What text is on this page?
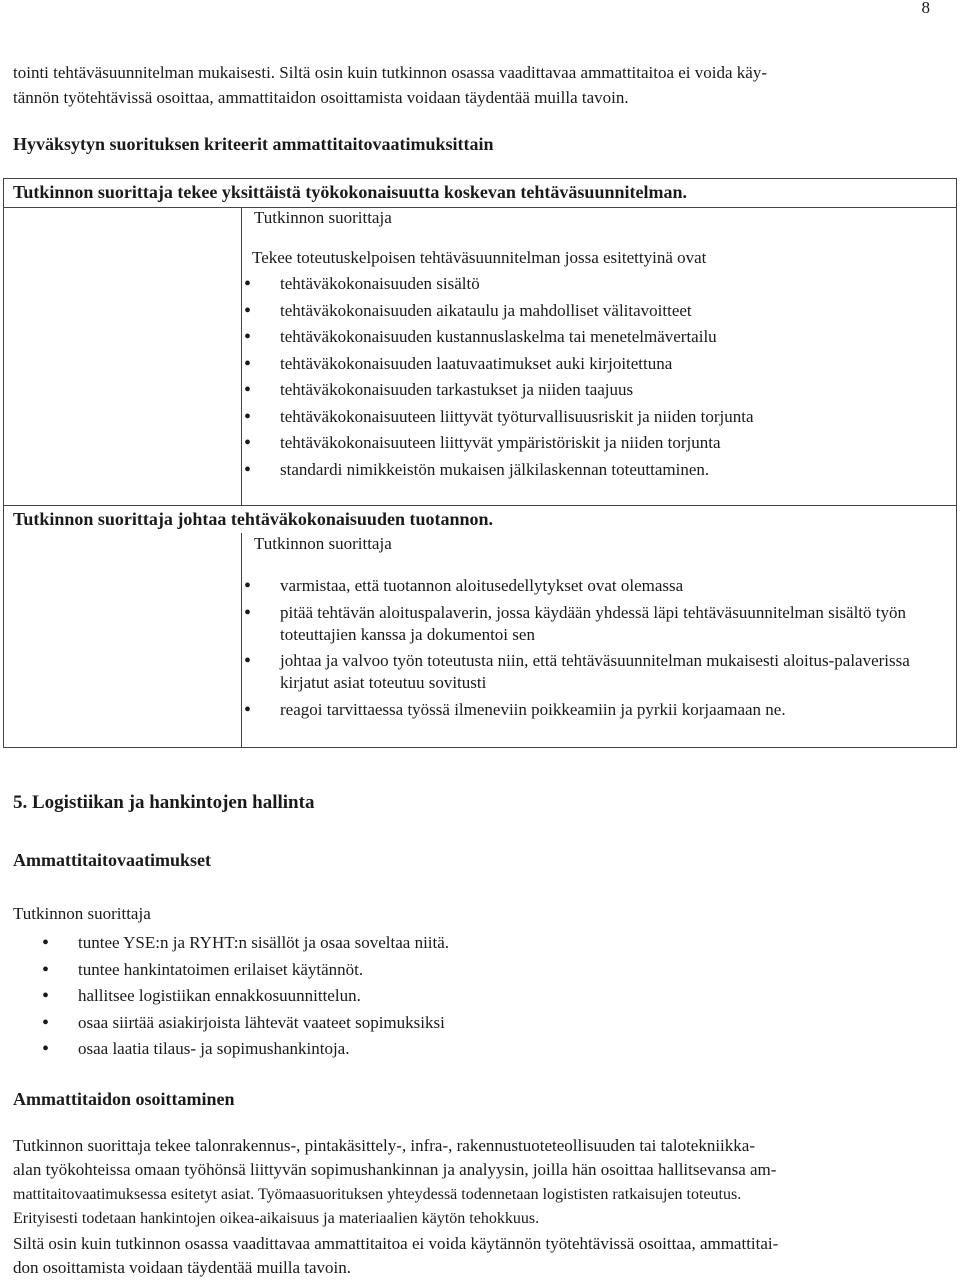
8

tointi tehtäväsuunnitelman mukaisesti. Siltä osin kuin tutkinnon osassa vaadittavaa ammattitaitoa ei voida käy-

tännön työtehtävissä osoittaa, ammattitaidon osoittamista voidaan täydentää muilla tavoin.

Hyväksytyn suorituksen kriteerit ammattitaitovaatimuksittain

Tutkinnon suorittaja tekee yksittäistä työkokonaisuutta koskevan tehtäväsuunnitelman.
Tutkinnon suorittaja
Tekee toteutuskelpoisen tehtäväsuunnitelman jossa esitettyinä ovat
• tehtäväkokonaisuuden sisältö
• tehtäväkokonaisuuden aikataulu ja mahdolliset välitavoitteet
• tehtäväkokonaisuuden kustannuslaskelma tai menetelmävertailu
• tehtäväkokonaisuuden laatuvaatimukset auki kirjoitettuna
• tehtäväkokonaisuuden tarkastukset ja niiden taajuus
• tehtäväkokonaisuuteen liittyvät työturvallisuusriskit ja niiden torjunta
• tehtäväkokonaisuuteen liittyvät ympäristöriskit ja niiden torjunta
• standardi nimikkeistön mukaisen jälkilaskennan toteuttaminen.
Tutkinnon suorittaja johtaa tehtäväkokonaisuuden tuotannon.
Tutkinnon suorittaja
• varmistaa, että tuotannon aloitusedellytykset ovat olemassa
• pitää tehtävän aloituspalaverin, jossa käydään yhdessä läpi tehtäväsuunnitelman sisältö työn toteuttajien kanssa ja dokumentoi sen
• johtaa ja valvoo työn toteutusta niin, että tehtäväsuunnitelman mukaisesti aloitus-palaverissa kirjatut asiat toteutuu sovitusti
• reagoi tarvittaessa työssä ilmeneviin poikkeamiin ja pyrkii korjaamaan ne.

5. Logistiikan ja hankintojen hallinta

Ammattitaitovaatimukset

Tutkinnon suorittaja

• tuntee YSE:n ja RYHT:n sisällöt ja osaa soveltaa niitä.
• tuntee hankintatoimen erilaiset käytännöt.
• hallitsee logistiikan ennakkosuunnittelun.
• osaa siirtää asiakirjoista lähtevät vaateet sopimuksiksi
• osaa laatia tilaus- ja sopimushankintoja.

Ammattitaidon osoittaminen

Tutkinnon suorittaja tekee talonrakennus-, pintakäsittely-, infra-, rakennustuoteteollisuuden tai talotekniikka-

alan työkohteissa omaan työhönsä liittyvän sopimushankinnan ja analyysin, joilla hän osoittaa hallitsevansa am-

mattitaitovaatimuksessa esitetyt asiat. Työmaasuorituksen yhteydessä todennetaan logististen ratkaisujen toteutus.

Erityisesti todetaan hankintojen oikea-aikaisuus ja materiaalien käytön tehokkuus.

Siltä osin kuin tutkinnon osassa vaadittavaa ammattitaitoa ei voida käytännön työtehtävissä osoittaa, ammattitai-

don osoittamista voidaan täydentää muilla tavoin.
